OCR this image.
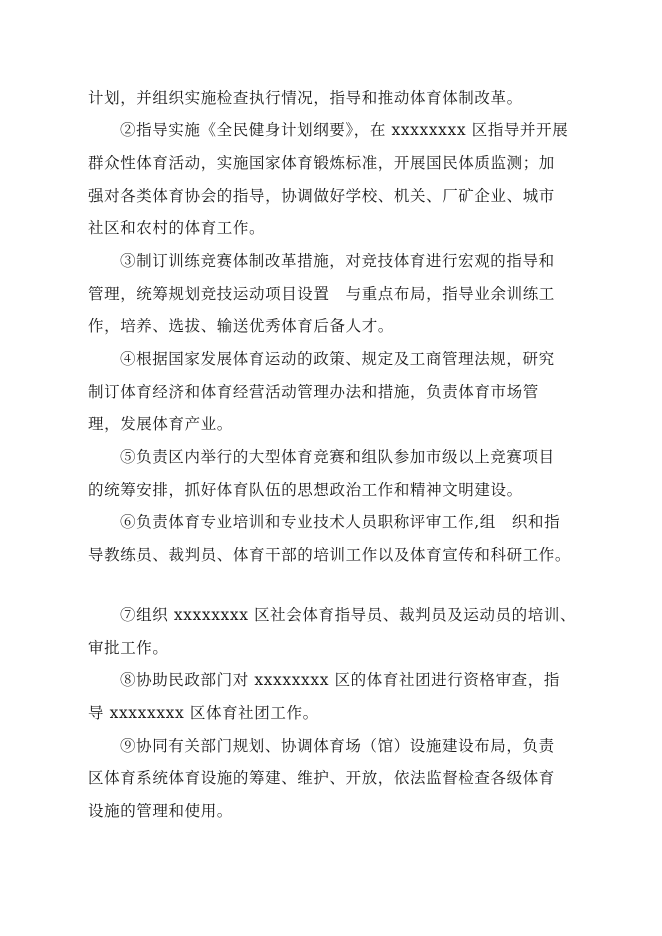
计划，并组织实施检查执行情况，指导和推动体育体制改革。
②指导实施《全民健身计划纲要》，在 xxxxxxxx 区指导并开展
群众性体育活动，实施国家体育锻炼标准，开展国民体质监测；加
强对各类体育协会的指导，协调做好学校、机关、厂矿企业、城市
社区和农村的体育工作。
③制订训练竞赛体制改革措施，对竞技体育进行宏观的指导和
管理，统筹规划竞技运动项目设置　与重点布局，指导业余训练工
作，培养、选拔、输送优秀体育后备人才。
④根据国家发展体育运动的政策、规定及工商管理法规，研究
制订体育经济和体育经营活动管理办法和措施，负责体育市场管
理，发展体育产业。
⑤负责区内举行的大型体育竞赛和组队参加市级以上竞赛项目
的统筹安排，抓好体育队伍的思想政治工作和精神文明建设。
⑥负责体育专业培训和专业技术人员职称评审工作,组　织和指
导教练员、裁判员、体育干部的培训工作以及体育宣传和科研工作。
⑦组织 xxxxxxxx 区社会体育指导员、裁判员及运动员的培训、
审批工作。
⑧协助民政部门对 xxxxxxxx 区的体育社团进行资格审查，指
导 xxxxxxxx 区体育社团工作。
⑨协同有关部门规划、协调体育场（馆）设施建设布局，负责
区体育系统体育设施的筹建、维护、开放，依法监督检查各级体育
设施的管理和使用。
